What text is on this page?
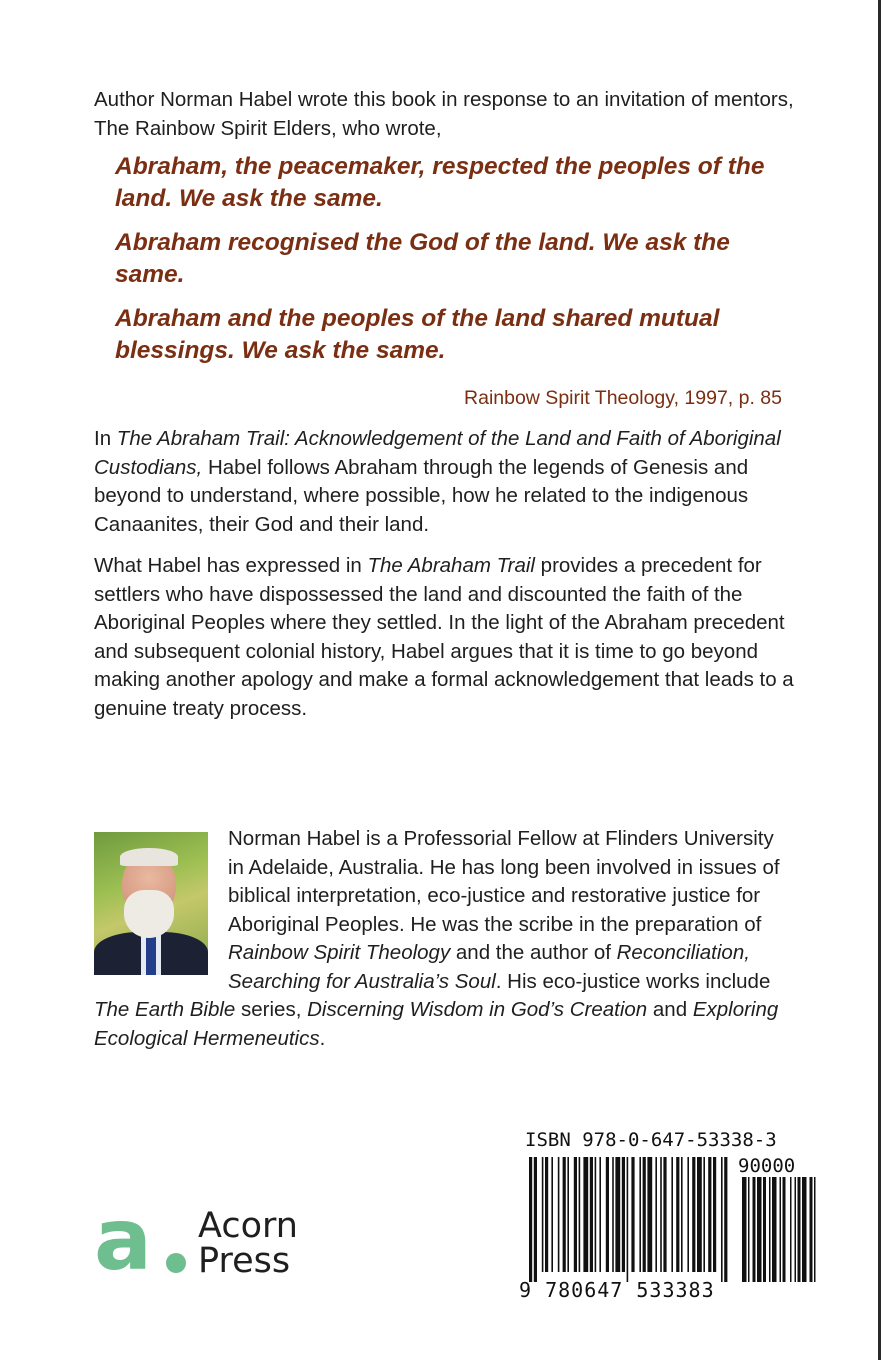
Author Norman Habel wrote this book in response to an invitation of mentors, The Rainbow Spirit Elders, who wrote,

Abraham, the peacemaker, respected the peoples of the land. We ask the same.

Abraham recognised the God of the land. We ask the same.

Abraham and the peoples of the land shared mutual blessings. We ask the same.

Rainbow Spirit Theology, 1997, p. 85

In The Abraham Trail: Acknowledgement of the Land and Faith of Aboriginal Custodians, Habel follows Abraham through the legends of Genesis and beyond to understand, where possible, how he related to the indigenous Canaanites, their God and their land.

What Habel has expressed in The Abraham Trail provides a precedent for settlers who have dispossessed the land and discounted the faith of the Aboriginal Peoples where they settled. In the light of the Abraham precedent and subsequent colonial history, Habel argues that it is time to go beyond making another apology and make a formal acknowledgement that leads to a genuine treaty process.

Norman Habel is a Professorial Fellow at Flinders University in Adelaide, Australia. He has long been involved in issues of biblical interpretation, eco-justice and restorative justice for Aboriginal Peoples. He was the scribe in the preparation of Rainbow Spirit Theology and the author of Reconciliation, Searching for Australia’s Soul. His eco-justice works include The Earth Bible series, Discerning Wisdom in God’s Creation and Exploring Ecological Hermeneutics.
a Acorn
Press
ISBN 978-0-647-53338-3
90000
9 780647 533383
